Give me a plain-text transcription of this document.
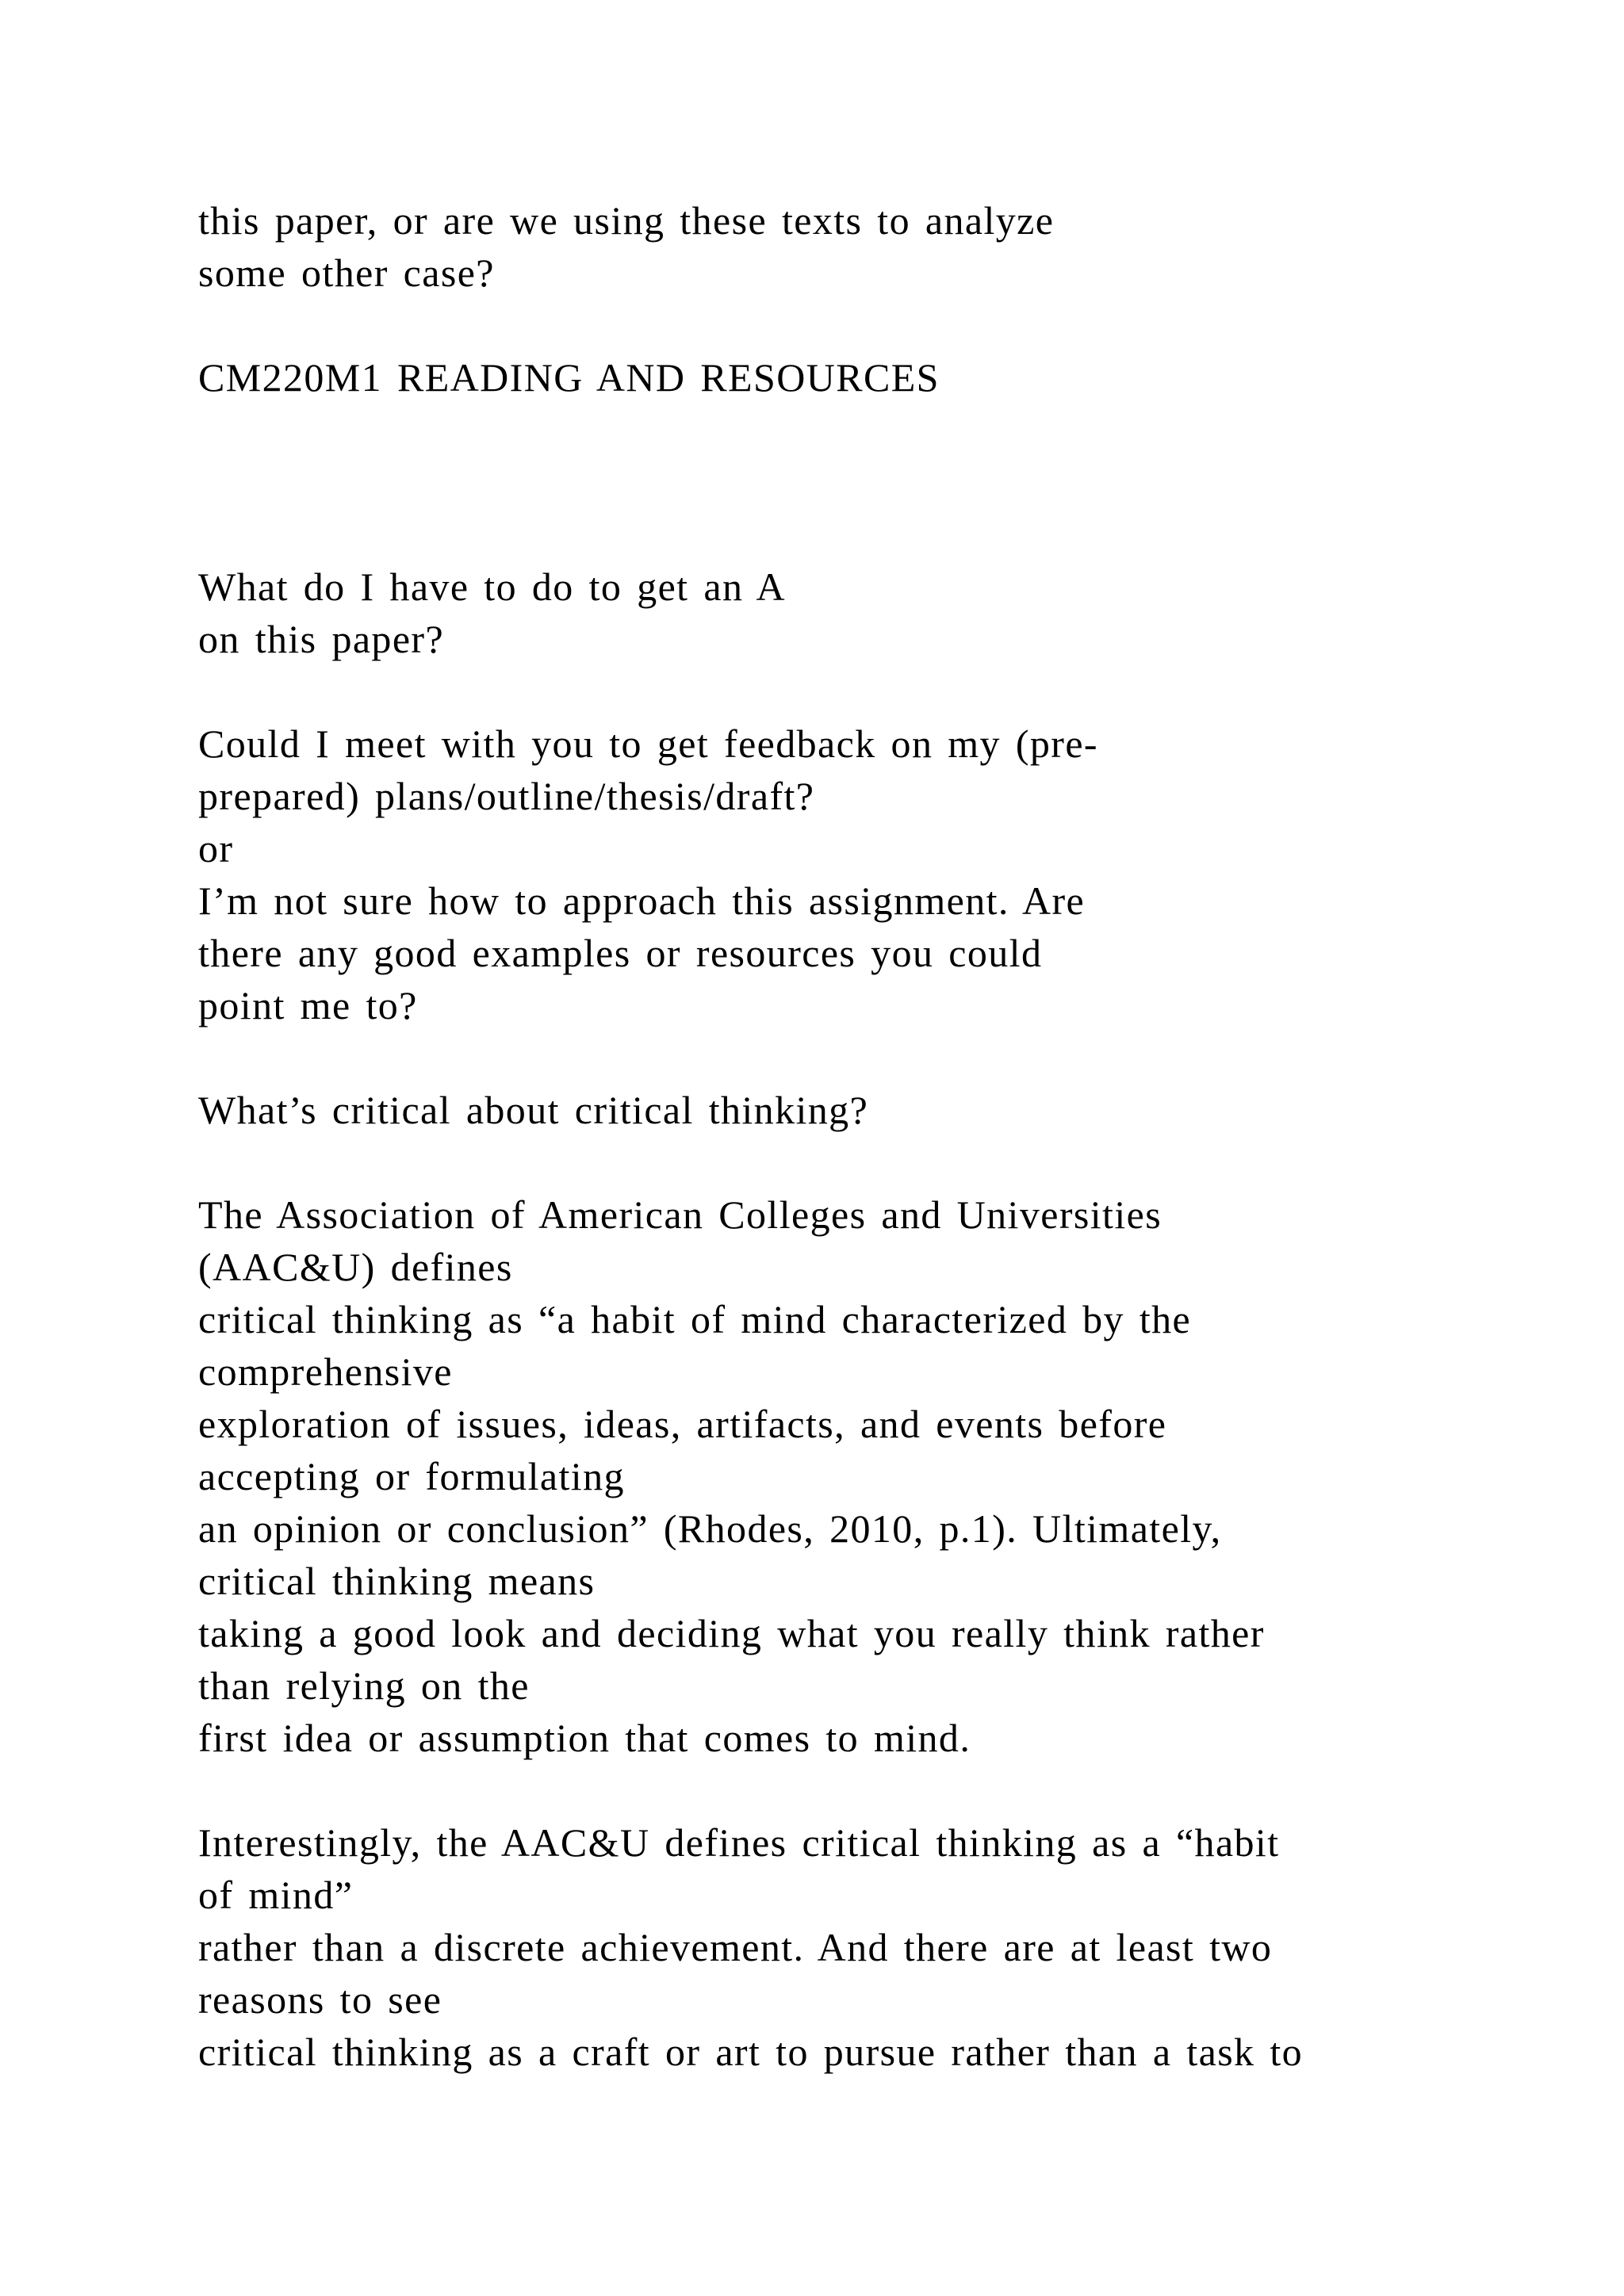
this paper, or are we using these texts to analyze
some other case?
CM220M1 READING AND RESOURCES
What do I have to do to get an A
on this paper?
Could I meet with you to get feedback on my (pre-
prepared) plans/outline/thesis/draft?
or
I’m not sure how to approach this assignment. Are
there any good examples or resources you could
point me to?
What’s critical about critical thinking?
The Association of American Colleges and Universities
(AAC&U) defines
critical thinking as “a habit of mind characterized by the
comprehensive
exploration of issues, ideas, artifacts, and events before
accepting or formulating
an opinion or conclusion” (Rhodes, 2010, p.1). Ultimately,
critical thinking means
taking a good look and deciding what you really think rather
than relying on the
first idea or assumption that comes to mind.
Interestingly, the AAC&U defines critical thinking as a “habit
of mind”
rather than a discrete achievement. And there are at least two
reasons to see
critical thinking as a craft or art to pursue rather than a task to
